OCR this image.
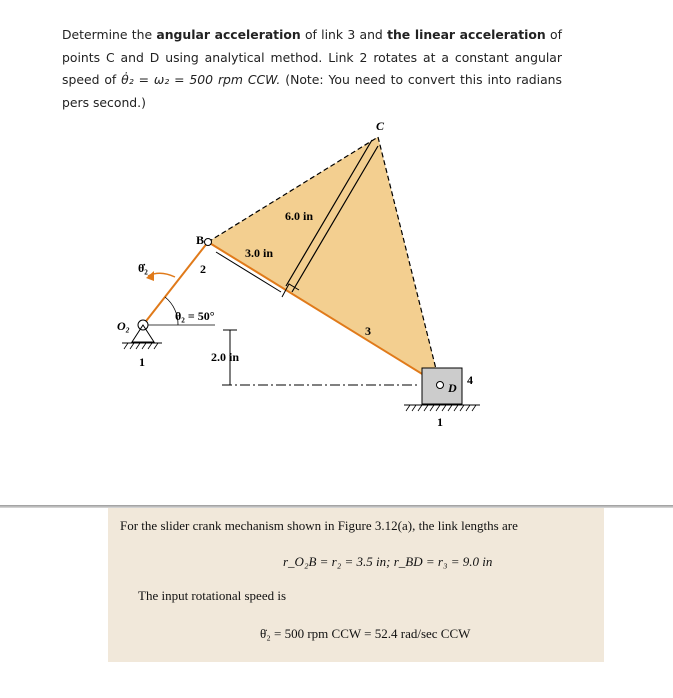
Determine the angular acceleration of link 3 and the linear acceleration of points C and D using analytical method. Link 2 rotates at a constant angular speed of θ̇₂ = ω₂ = 500 rpm CCW. (Note: You need to convert this into radians pers second.)
C
B
D
O₂
θ̇₂	2
3
4
1
1
θ₂ = 50°
6.0 in
3.0 in
2.0 in
For the slider crank mechanism shown in Figure 3.12(a), the link lengths are
r_O₂B = r₂ = 3.5 in; r_BD = r₃ = 9.0 in
The input rotational speed is
θ̇₂ = 500 rpm CCW = 52.4 rad/sec CCW
